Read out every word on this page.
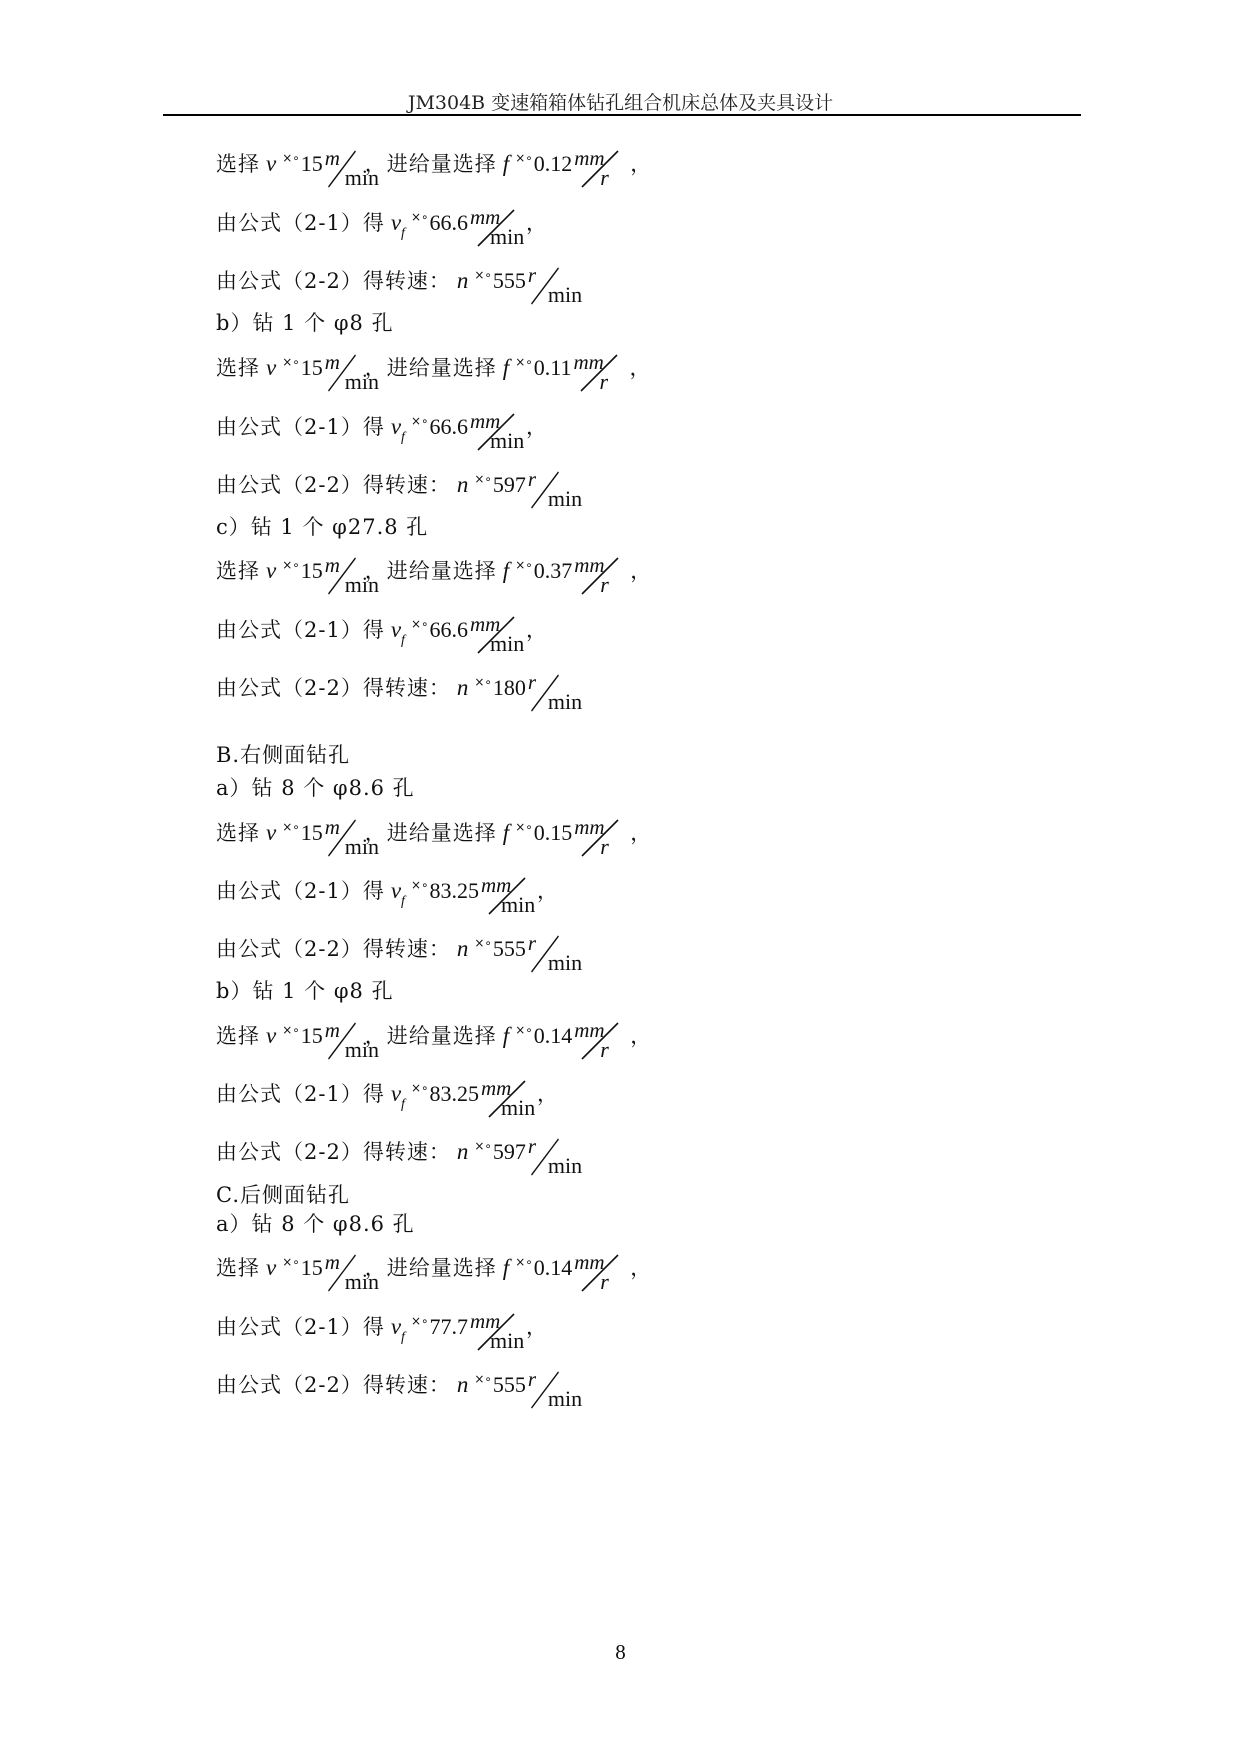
JM304B 变速箱箱体钻孔组合机床总体及夹具设计
选择 v ×∘15 m
min
，进给量选择 f ×∘0.12 mm
r
，
由公式（2-1）得 vf×∘66.6 mm
min
，
由公式（2-2）得转速： n ×∘555 r
min
b）钻 1 个 φ8 孔
选择 v ×∘15 m
min
，进给量选择 f ×∘0.11 mm
r
，
由公式（2-1）得 vf×∘66.6 mm
min
，
由公式（2-2）得转速： n ×∘597 r
min
c）钻 1 个 φ27.8 孔
选择 v ×∘15 m
min
，进给量选择 f ×∘0.37 mm
r
，
由公式（2-1）得 vf×∘66.6 mm
min
，
由公式（2-2）得转速： n ×∘180 r
min
B.右侧面钻孔
a）钻 8 个 φ8.6 孔
选择 v ×∘15 m
min
，进给量选择 f ×∘0.15 mm
r
，
由公式（2-1）得 vf×∘83.25 mm
min
，
由公式（2-2）得转速： n ×∘555 r
min
b）钻 1 个 φ8 孔
选择 v ×∘15 m
min
，进给量选择 f ×∘0.14 mm
r
，
由公式（2-1）得 vf×∘83.25 mm
min
，
由公式（2-2）得转速： n ×∘597 r
min
C.后侧面钻孔
a）钻 8 个 φ8.6 孔
选择 v ×∘15 m
min
，进给量选择 f ×∘0.14 mm
r
，
由公式（2-1）得 vf×∘77.7 mm
min
，
由公式（2-2）得转速： n ×∘555 r
min
8
